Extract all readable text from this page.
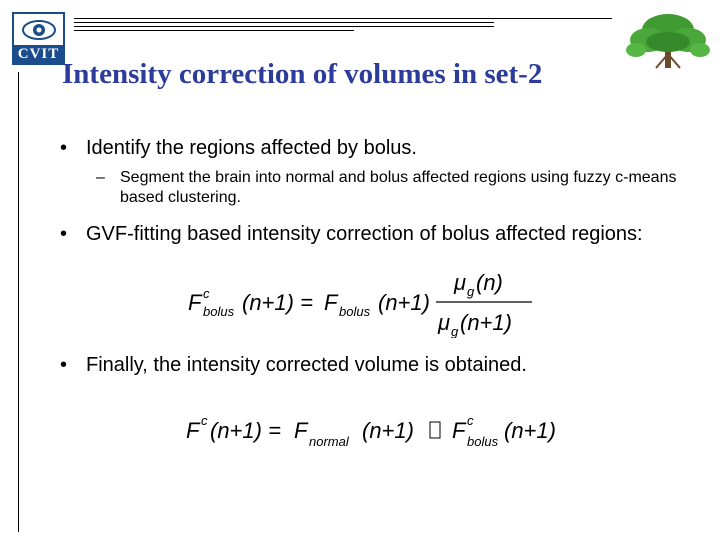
CVIT
Intensity correction of volumes in set-2
• Identify the regions affected by bolus.
– Segment the brain into normal and bolus affected regions using fuzzy c-means based clustering.
• GVF-fitting based intensity correction of bolus affected regions:
F c
bolus (n+1) = F bolus (n+1)
μ g (n)
μ g (n+1)
• Finally, the intensity corrected volume is obtained.
F c (n+1) = F normal (n+1) F c
bolus (n+1)
